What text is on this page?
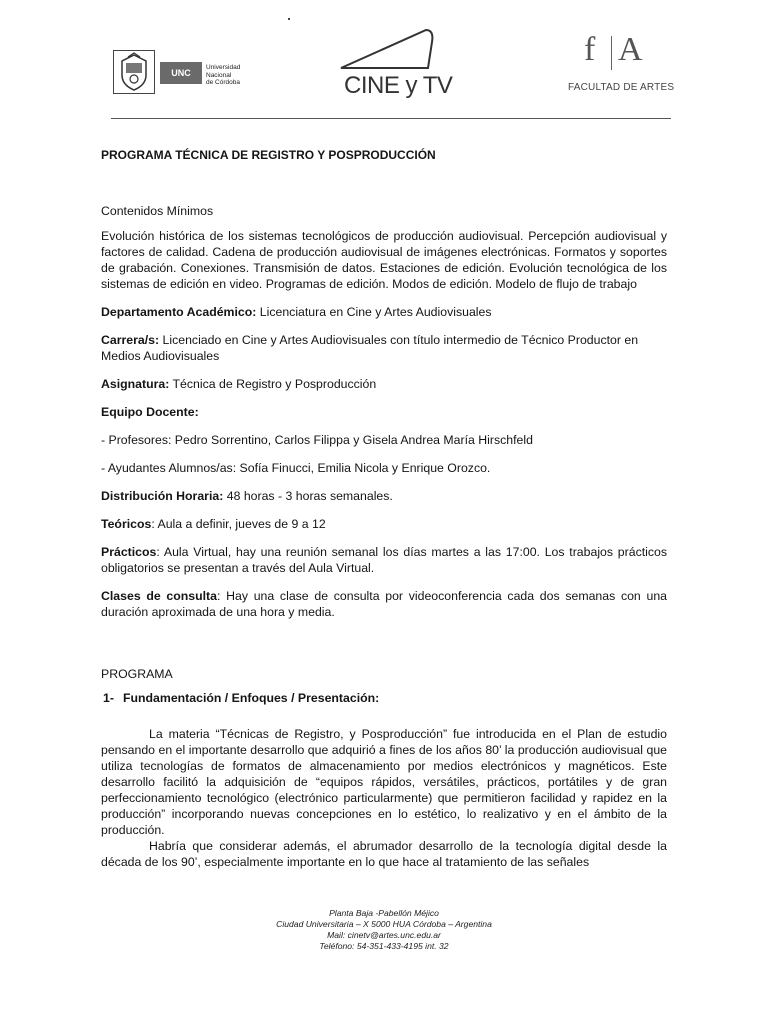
UNC
Universidad
Nacional
de Córdoba	CINE y TV
f A
FACULTAD DE ARTES

PROGRAMA TÉCNICA DE REGISTRO Y POSPRODUCCIÓN

Contenidos Mínimos

Evolución histórica de los sistemas tecnológicos de producción audiovisual. Percepción audiovisual y factores de calidad. Cadena de producción audiovisual de imágenes electrónicas. Formatos y soportes de grabación. Conexiones. Transmisión de datos. Estaciones de edición. Evolución tecnológica de los sistemas de edición en video. Programas de edición. Modos de edición. Modelo de flujo de trabajo

Departamento Académico: Licenciatura en Cine y Artes Audiovisuales

Carrera/s: Licenciado en Cine y Artes Audiovisuales con título intermedio de Técnico Productor en Medios Audiovisuales

Asignatura: Técnica de Registro y Posproducción

Equipo Docente:

- Profesores: Pedro Sorrentino, Carlos Filippa y Gisela Andrea María Hirschfeld

- Ayudantes Alumnos/as: Sofía Finucci, Emilia Nicola y Enrique Orozco.

Distribución Horaria: 48 horas - 3 horas semanales.

Teóricos: Aula a definir, jueves de 9 a 12

Prácticos: Aula Virtual, hay una reunión semanal los días martes a las 17:00. Los trabajos prácticos obligatorios se presentan a través del Aula Virtual.

Clases de consulta: Hay una clase de consulta por videoconferencia cada dos semanas con una duración aproximada de una hora y media.

PROGRAMA

1- Fundamentación / Enfoques / Presentación:

La materia “Técnicas de Registro, y Posproducción” fue introducida en el Plan de estudio pensando en el importante desarrollo que adquirió a fines de los años 80’ la producción audiovisual que utiliza tecnologías de formatos de almacenamiento por medios electrónicos y magnéticos. Este desarrollo facilitó la adquisición de “equipos rápidos, versátiles, prácticos, portátiles y de gran perfeccionamiento tecnológico (electrónico particularmente) que permitieron facilidad y rapidez en la producción” incorporando nuevas concepciones en lo estético, lo realizativo y en el ámbito de la producción.

Habría que considerar además, el abrumador desarrollo de la tecnología digital desde la década de los 90’, especialmente importante en lo que hace al tratamiento de las señales

Planta Baja -Pabellón Méjico
Ciudad Universitaria – X 5000 HUA Córdoba – Argentina
Mail: cinetv@artes.unc.edu.ar
Teléfono: 54-351-433-4195 int. 32
